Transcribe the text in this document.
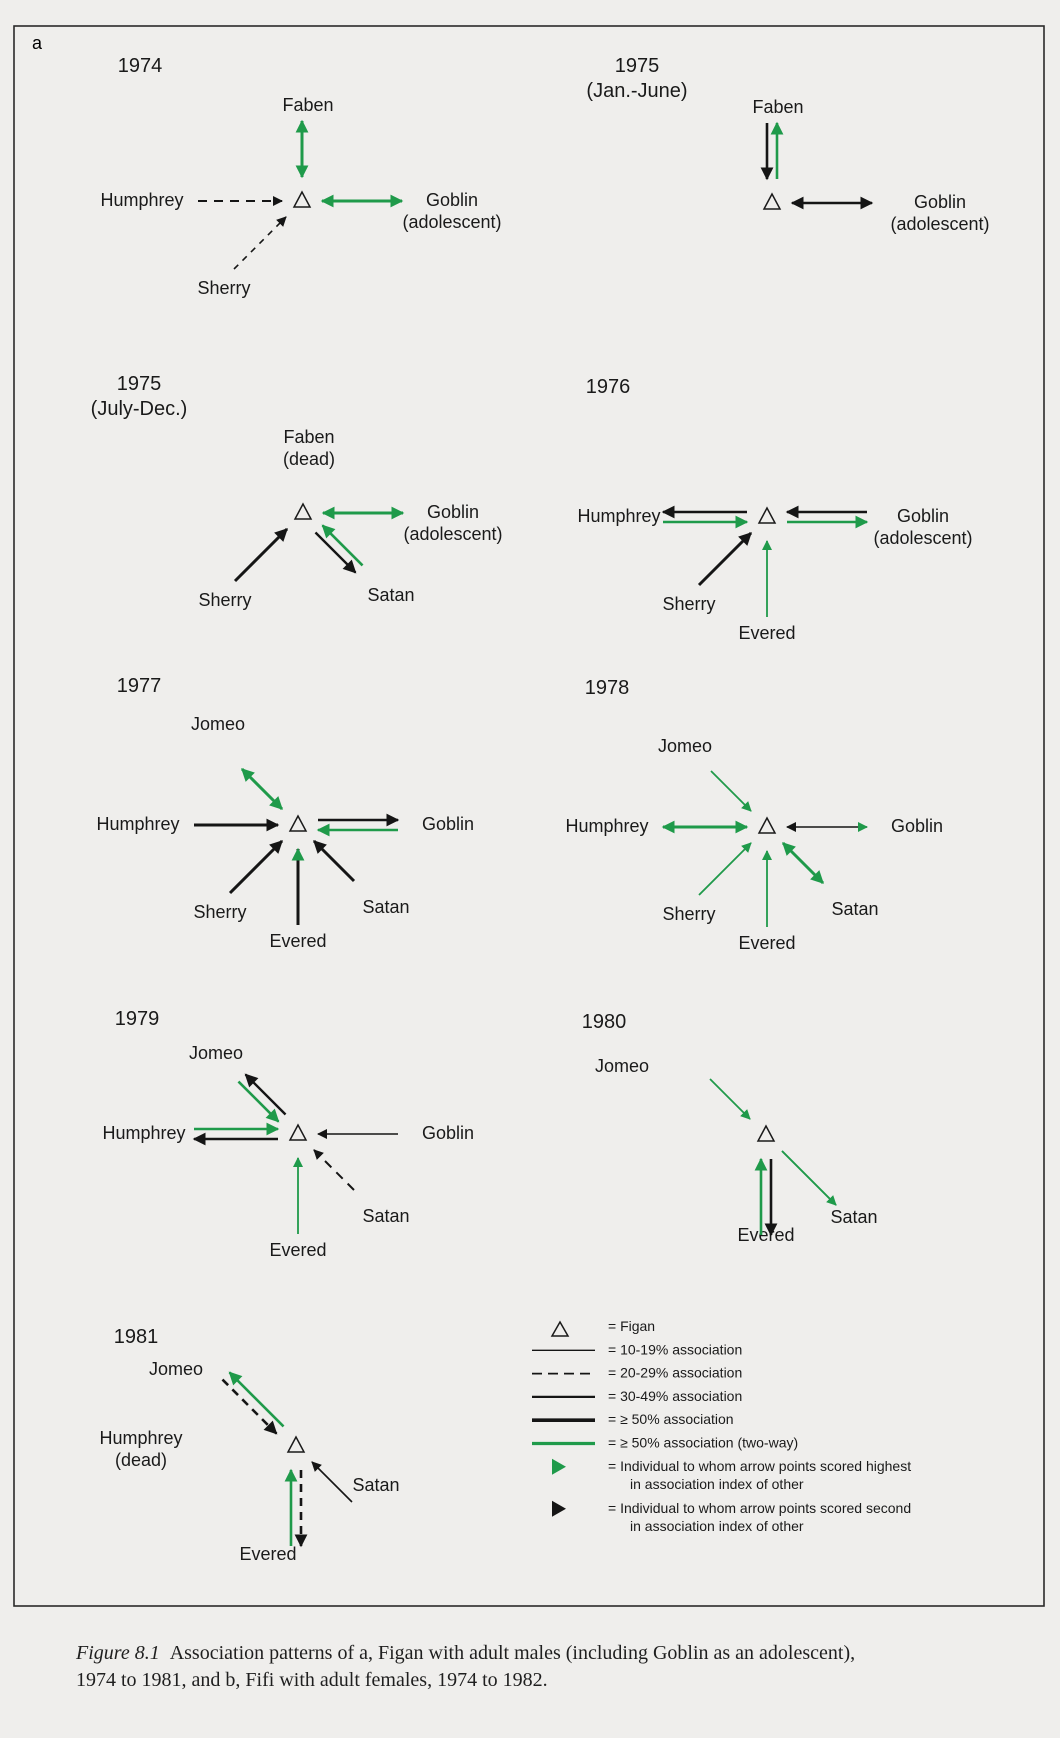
a
1974
Faben
Humphrey	Goblin
(adolescent)
Sherry
1975
(Jan.-June)
Faben
Goblin
(adolescent)
1975
(July-Dec.)
Faben
(dead)
Goblin
(adolescent)
Sherry	Satan
1976
Humphrey	Goblin
(adolescent)
Sherry
Evered
1977
Jomeo
Humphrey	Goblin
Sherry
Evered
Satan
1978
Jomeo
Humphrey	Goblin
Sherry
Evered
Satan
1979
Jomeo
Humphrey	Goblin
Evered
Satan
1980
Jomeo
Evered
Satan
1981
Jomeo
Humphrey
(dead)
Evered
Satan
= Figan
= 10-19% association
= 20-29% association
= 30-49% association
= ≥ 50% association
= ≥ 50% association (two-way)
= Individual to whom arrow points scored highest
in association index of other
= Individual to whom arrow points scored second
in association index of other
Figure 8.1 Association patterns of a, Figan with adult males (including Goblin as an adolescent), 1974 to 1981, and b, Fifi with adult females, 1974 to 1982.
